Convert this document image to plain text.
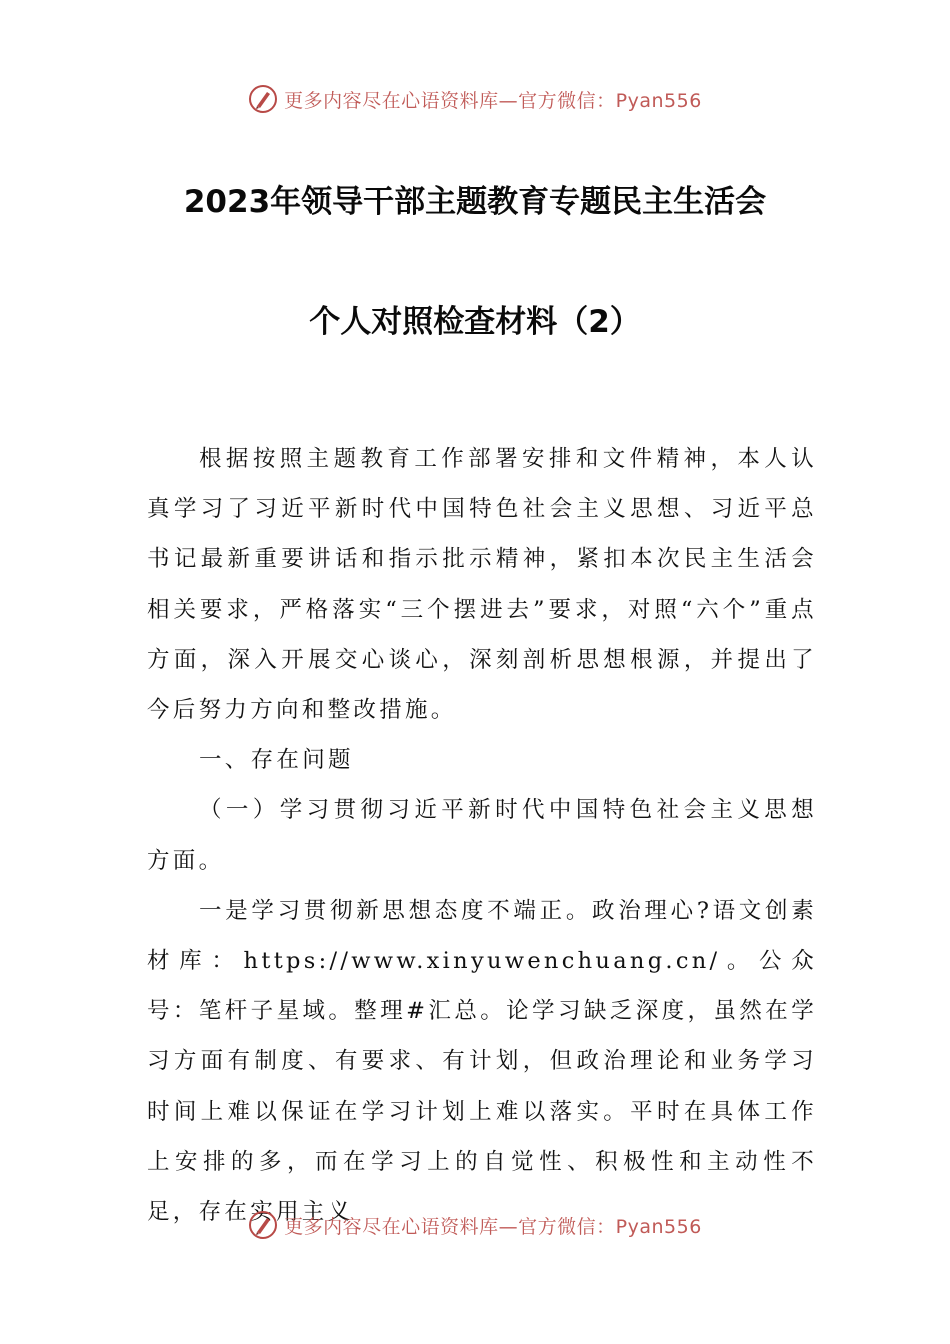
更多内容尽在心语资料库—官方微信：Pyan556
2023年领导干部主题教育专题民主生活会
个人对照检查材料（2）

根据按照主题教育工作部署安排和文件精神，本人认真学习了习近平新时代中国特色社会主义思想、习近平总书记最新重要讲话和指示批示精神，紧扣本次民主生活会相关要求，严格落实“三个摆进去”要求，对照“六个”重点方面，深入开展交心谈心，深刻剖析思想根源，并提出了今后努力方向和整改措施。

一、存在问题

（一）学习贯彻习近平新时代中国特色社会主义思想方面。

一是学习贯彻新思想态度不端正。政治理心?语文创素材库：https://www.xinyuwenchuang.cn/。公众号：笔杆子星域。整理#汇总。论学习缺乏深度，虽然在学习方面有制度、有要求、有计划，但政治理论和业务学习时间上难以保证在学习计划上难以落实。平时在具体工作上安排的多，而在学习上的自觉性、积极性和主动性不足，存在实用主义

更多内容尽在心语资料库—官方微信：Pyan556
